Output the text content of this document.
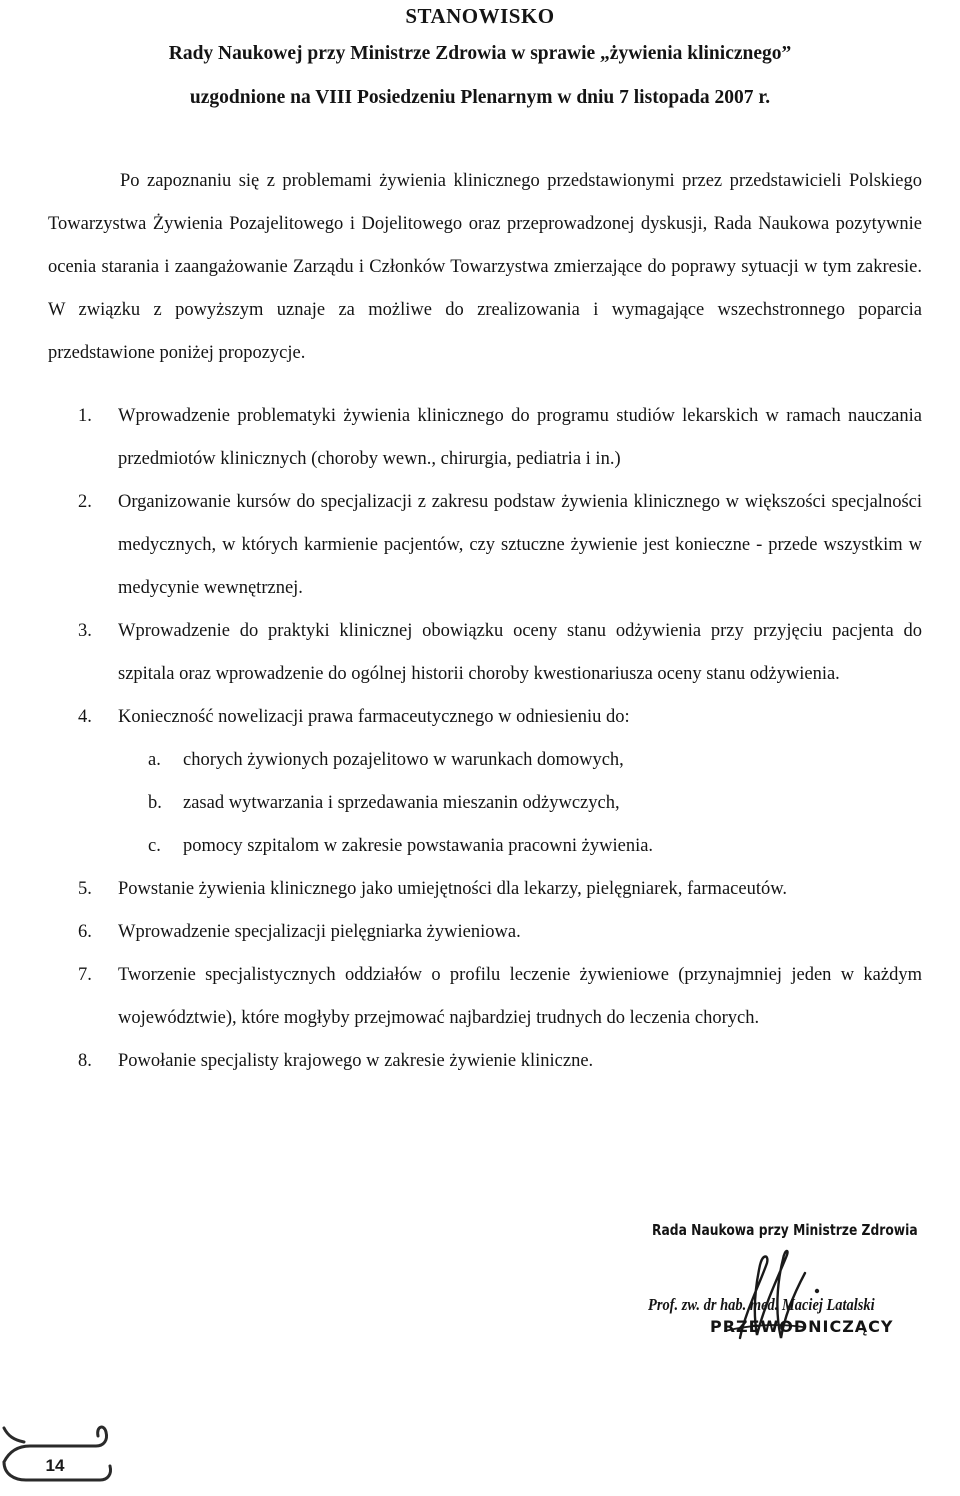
STANOWISKO
Rady Naukowej przy Ministrze Zdrowia w sprawie „żywienia klinicznego”
uzgodnione na VIII Posiedzeniu Plenarnym w dniu 7 listopada 2007 r.

Po zapoznaniu się z problemami żywienia klinicznego przedstawionymi przez przedstawicieli Polskiego Towarzystwa Żywienia Pozajelitowego i Dojelitowego oraz przeprowadzonej dyskusji, Rada Naukowa pozytywnie ocenia starania i zaangażowanie Zarządu i Członków Towarzystwa zmierzające do poprawy sytuacji w tym zakresie. W związku z powyższym uznaje za możliwe do zrealizowania i wymagające wszechstronnego poparcia przedstawione poniżej propozycje.

1. Wprowadzenie problematyki żywienia klinicznego do programu studiów lekarskich w ramach nauczania przedmiotów klinicznych (choroby wewn., chirurgia, pediatria i in.)
2. Organizowanie kursów do specjalizacji z zakresu podstaw żywienia klinicznego w większości specjalności medycznych, w których karmienie pacjentów, czy sztuczne żywienie jest konieczne - przede wszystkim w medycynie wewnętrznej.
3. Wprowadzenie do praktyki klinicznej obowiązku oceny stanu odżywienia przy przyjęciu pacjenta do szpitala oraz wprowadzenie do ogólnej historii choroby kwestionariusza oceny stanu odżywienia.
4. Konieczność nowelizacji prawa farmaceutycznego w odniesieniu do:
a. chorych żywionych pozajelitowo w warunkach domowych,
b. zasad wytwarzania i sprzedawania mieszanin odżywczych,
c. pomocy szpitalom w zakresie powstawania pracowni żywienia.
5. Powstanie żywienia klinicznego jako umiejętności dla lekarzy, pielęgniarek, farmaceutów.
6. Wprowadzenie specjalizacji pielęgniarka żywieniowa.
7. Tworzenie specjalistycznych oddziałów o profilu leczenie żywieniowe (przynajmniej jeden w każdym województwie), które mogłyby przejmować najbardziej trudnych do leczenia chorych.
8. Powołanie specjalisty krajowego w zakresie żywienie kliniczne.
Rada Naukowa przy Ministrze Zdrowia
Prof. zw. dr hab. med. Maciej Latalski
PRZEWODNICZĄCY
14
